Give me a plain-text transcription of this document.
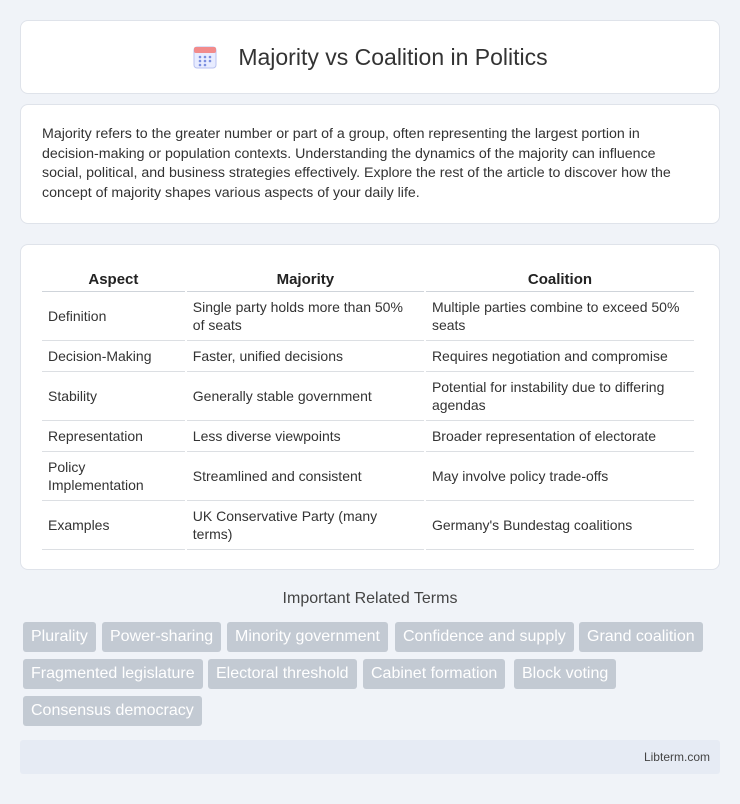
Majority vs Coalition in Politics

Majority refers to the greater number or part of a group, often representing the largest portion in decision-making or population contexts. Understanding the dynamics of the majority can influence social, political, and business strategies effectively. Explore the rest of the article to discover how the concept of majority shapes various aspects of your daily life.

Aspect	Majority	Coalition
Definition	Single party holds more than 50% of seats	Multiple parties combine to exceed 50% seats
Decision-Making	Faster, unified decisions	Requires negotiation and compromise
Stability	Generally stable government	Potential for instability due to differing agendas
Representation	Less diverse viewpoints	Broader representation of electorate
Policy Implementation	Streamlined and consistent	May involve policy trade-offs
Examples	UK Conservative Party (many terms)	Germany's Bundestag coalitions
Important Related Terms
Plurality	Power-sharing	Minority government	Confidence and supply	Grand coalition
Fragmented legislature	Electoral threshold	Cabinet formation	Block voting
Consensus democracy
Libterm.com
